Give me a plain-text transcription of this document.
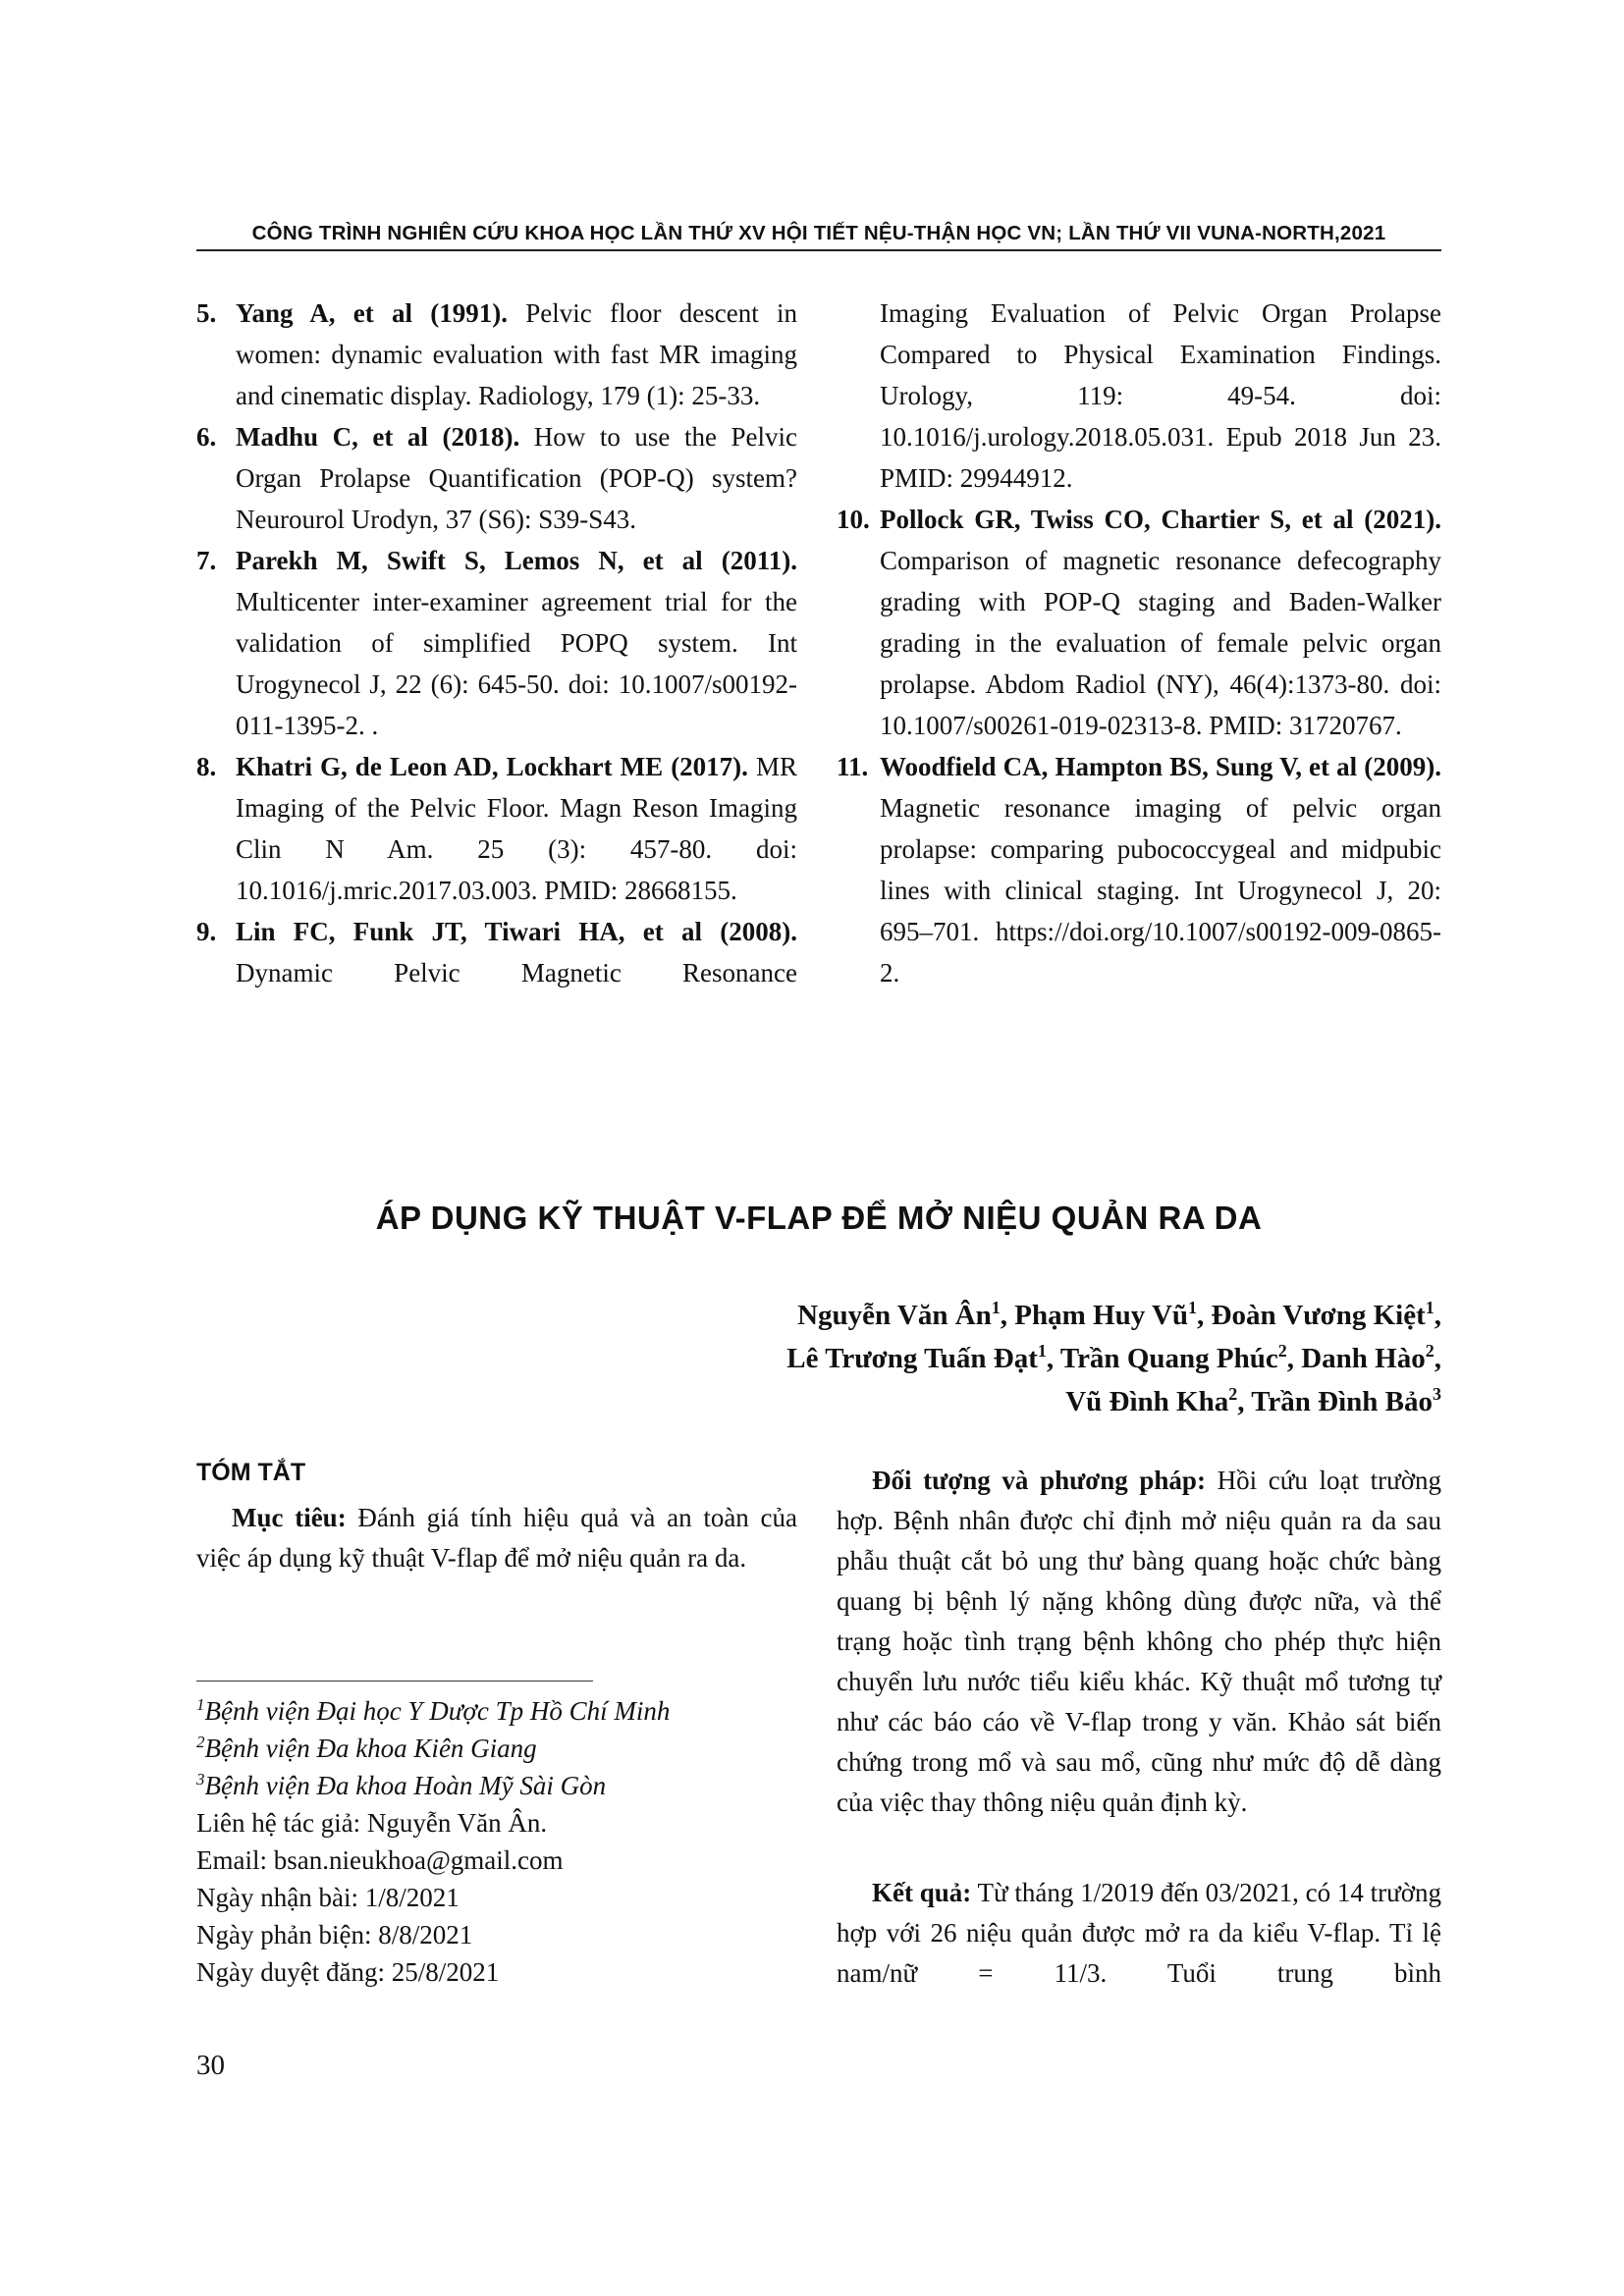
CÔNG TRÌNH NGHIÊN CỨU KHOA HỌC LẦN THỨ XV HỘI TIẾT NỆU-THẬN HỌC VN; LẦN THỨ VII VUNA-NORTH,2021

5. Yang A, et al (1991). Pelvic floor descent in women: dynamic evaluation with fast MR imaging and cinematic display. Radiology, 179 (1): 25-33.

6. Madhu C, et al (2018). How to use the Pelvic Organ Prolapse Quantification (POP-Q) system? Neurourol Urodyn, 37 (S6): S39-S43.

7. Parekh M, Swift S, Lemos N, et al (2011). Multicenter inter-examiner agreement trial for the validation of simplified POPQ system. Int Urogynecol J, 22 (6): 645-50. doi: 10.1007/s00192-011-1395-2. .

8. Khatri G, de Leon AD, Lockhart ME (2017). MR Imaging of the Pelvic Floor. Magn Reson Imaging Clin N Am. 25 (3): 457-80. doi: 10.1016/j.mric.2017.03.003. PMID: 28668155.

9. Lin FC, Funk JT, Tiwari HA, et al (2008). Dynamic Pelvic Magnetic Resonance

Imaging Evaluation of Pelvic Organ Prolapse Compared to Physical Examination Findings. Urology, 119: 49-54. doi: 10.1016/j.urology.2018.05.031. Epub 2018 Jun 23. PMID: 29944912.

10. Pollock GR, Twiss CO, Chartier S, et al (2021). Comparison of magnetic resonance defecography grading with POP-Q staging and Baden-Walker grading in the evaluation of female pelvic organ prolapse. Abdom Radiol (NY), 46(4):1373-80. doi: 10.1007/s00261-019-02313-8. PMID: 31720767.

11. Woodfield CA, Hampton BS, Sung V, et al (2009). Magnetic resonance imaging of pelvic organ prolapse: comparing pubococcygeal and midpubic lines with clinical staging. Int Urogynecol J, 20: 695–701. https://doi.org/10.1007/s00192-009-0865-2.

ÁP DỤNG KỸ THUẬT V-FLAP ĐỂ MỞ NIỆU QUẢN RA DA
Nguyễn Văn $Ân^1$, Phạm Huy $Vũ^1$, Đoàn Vương Kiệt$^1$,
Lê Trương Tuấn Đạt$^1$, Trần Quang Phúc$^2$, Danh Hào$^2$,
Vũ Đình Kha$^2$, Trần Đình Bảo$^3$
TÓM TẮT

Mục tiêu: Đánh giá tính hiệu quả và an toàn của việc áp dụng kỹ thuật V-flap để mở niệu quản ra da.

$^1$Bệnh viện Đại học Y Dược Tp Hồ Chí Minh
$^2$Bệnh viện Đa khoa Kiên Giang
$^3$Bệnh viện Đa khoa Hoàn Mỹ Sài Gòn
Liên hệ tác giả: Nguyễn Văn Ân.
Email: bsan.nieukhoa@gmail.com
Ngày nhận bài: 1/8/2021
Ngày phản biện: 8/8/2021
Ngày duyệt đăng: 25/8/2021

Đối tượng và phương pháp: Hồi cứu loạt trường hợp. Bệnh nhân được chỉ định mở niệu quản ra da sau phẫu thuật cắt bỏ ung thư bàng quang hoặc chức bàng quang bị bệnh lý nặng không dùng được nữa, và thể trạng hoặc tình trạng bệnh không cho phép thực hiện chuyển lưu nước tiểu kiểu khác. Kỹ thuật mổ tương tự như các báo cáo về V-flap trong y văn. Khảo sát biến chứng trong mổ và sau mổ, cũng như mức độ dễ dàng của việc thay thông niệu quản định kỳ.

Kết quả: Từ tháng 1/2019 đến 03/2021, có 14 trường hợp với 26 niệu quản được mở ra da kiểu V-flap. Tỉ lệ nam/nữ = 11/3. Tuổi trung bình

30
